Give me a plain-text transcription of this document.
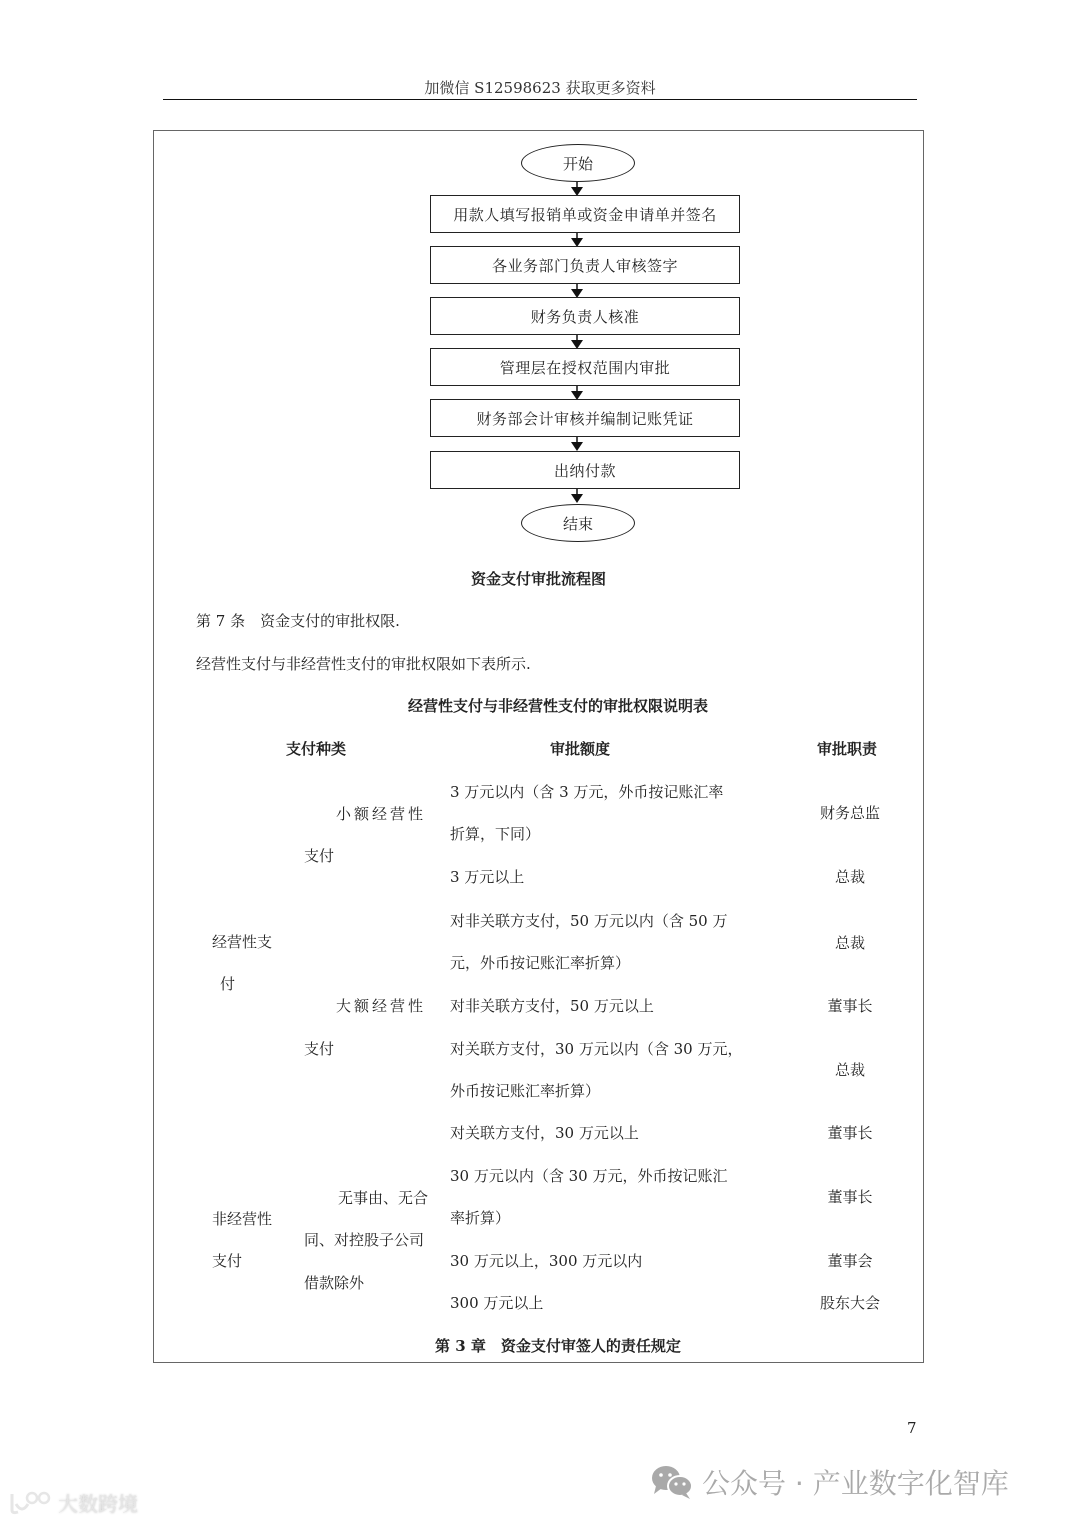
加微信 S12598623 获取更多资料
开始
用款人填写报销单或资金申请单并签名
各业务部门负责人审核签字
财务负责人核准
管理层在授权范围内审批
财务部会计审核并编制记账凭证
出纳付款
结束
资金支付审批流程图
第 7 条　资金支付的审批权限.
经营性支付与非经营性支付的审批权限如下表所示.
经营性支付与非经营性支付的审批权限说明表
支付种类	审批额度	审批职责
经营性支
付
非经营性
支付
小额经营性
支付
大额经营性
支付
无事由、无合
同、对控股子公司
借款除外
3 万元以内（含 3 万元，外币按记账汇率
折算，下同）
3 万元以上
对非关联方支付，50 万元以内（含 50 万
元，外币按记账汇率折算）
对非关联方支付，50 万元以上
对关联方支付，30 万元以内（含 30 万元，
外币按记账汇率折算）
对关联方支付，30 万元以上
30 万元以内（含 30 万元，外币按记账汇
率折算）
30 万元以上，300 万元以内
300 万元以上
财务总监
总裁
总裁
董事长
总裁
董事长
董事长
董事会
股东大会
第 3 章　资金支付审签人的责任规定
7
公众号 · 产业数字化智库
大数跨境
